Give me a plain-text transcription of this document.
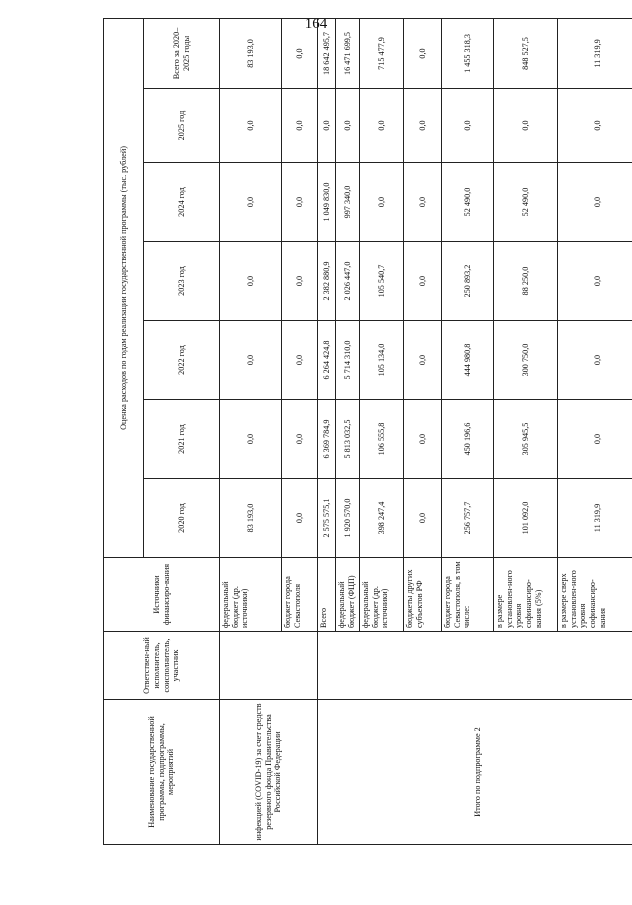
164
Наименование государственной программы, подпрограммы, мероприятий	Ответствен-ный исполнитель, соисполнитель, участник	Источники финансиро-вания	Оценка расходов по годам реализации государственной программы (тыс. рублей)						
			2020 год	2021 год	2022 год	2023 год	2024 год	2025 год	Всего за 2020–2025 годы
инфекцией (COVID-19) за счет средств резервного фонда Правительства Российской Федерации		федеральный бюджет (др. источники)	83 193,0	0,0	0,0	0,0	0,0	0,0	83 193,0
		бюджет города Севастополя	0,0	0,0	0,0	0,0	0,0	0,0	0,0
Итого по подпрограмме 2		Всего	2 575 575,1	6 369 784,9	6 264 424,8	2 382 880,9	1 049 830,0	0,0	18 642 495,7
		федеральный бюджет (ФЦП)	1 920 570,0	5 813 032,5	5 714 310,0	2 026 447,0	997 340,0	0,0	16 471 699,5
		федеральный бюджет (др. источники)	398 247,4	106 555,8	105 134,0	105 540,7	0,0	0,0	715 477,9
		бюджеты других субъектов РФ	0,0	0,0	0,0	0,0	0,0	0,0	0,0
		бюджет города Севастополя, в том числе:	256 757,7	450 196,6	444 980,8	250 893,2	52 490,0	0,0	1 455 318,3
		в размере установлен-ного уровня софинансиро-вания (5%)	101 092,0	305 945,5	300 750,0	88 250,0	52 490,0	0,0	848 527,5
		в размере сверх установлен-ного уровня софинансиро-вания	11 319,9	0,0	0,0	0,0	0,0	0,0	11 319,9
